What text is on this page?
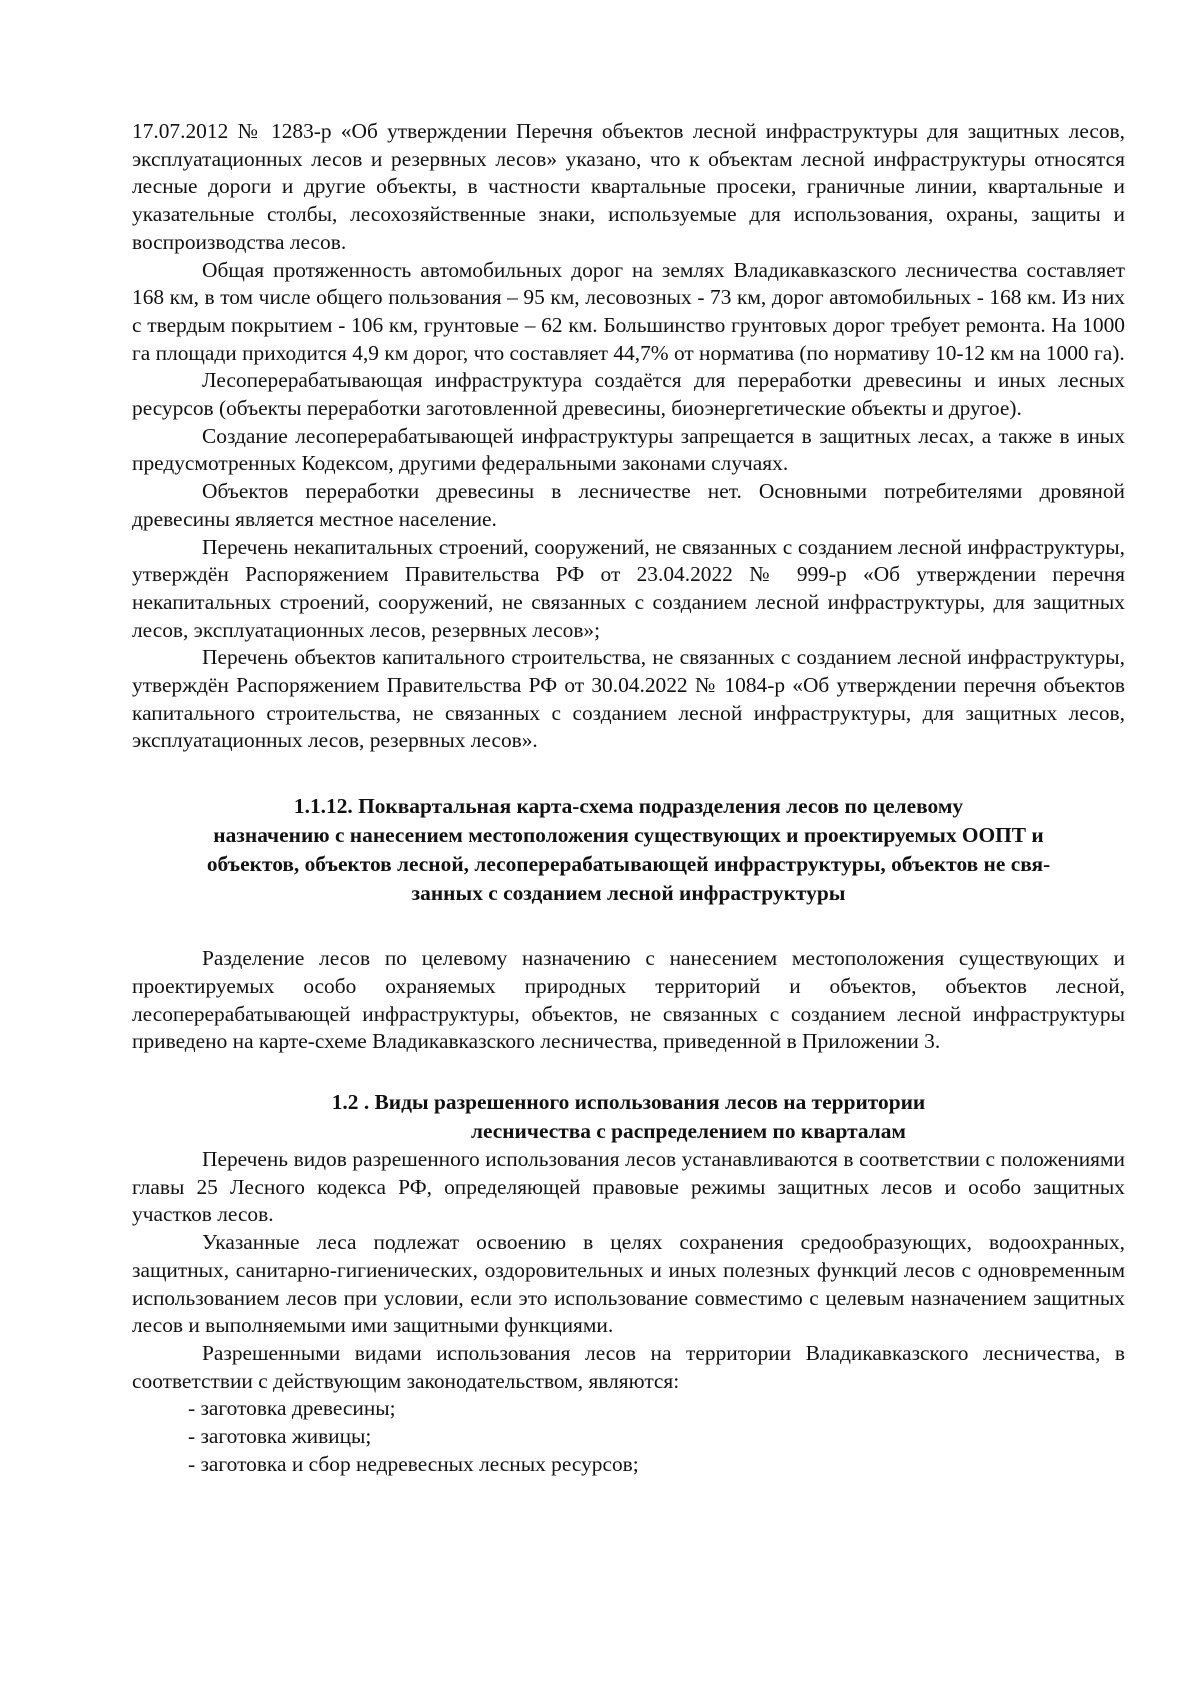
17.07.2012 № 1283-р «Об утверждении Перечня объектов лесной инфраструктуры для защитных лесов, эксплуатационных лесов и резервных лесов» указано, что к объектам лесной инфраструктуры относятся лесные дороги и другие объекты, в частности квартальные просеки, граничные линии, квартальные и указательные столбы, лесохозяйственные знаки, используемые для использования, охраны, защиты и воспроизводства лесов.

Общая протяженность автомобильных дорог на землях Владикавказского лесничества составляет 168 км, в том числе общего пользования – 95 км, лесовозных - 73 км, дорог автомобильных - 168 км. Из них с твердым покрытием - 106 км, грунтовые – 62 км. Большинство грунтовых дорог требует ремонта. На 1000 га площади приходится 4,9 км дорог, что составляет 44,7% от норматива (по нормативу 10-12 км на 1000 га).

Лесоперерабатывающая инфраструктура создаётся для переработки древесины и иных лесных ресурсов (объекты переработки заготовленной древесины, биоэнергетические объекты и другое).

Создание лесоперерабатывающей инфраструктуры запрещается в защитных лесах, а также в иных предусмотренных Кодексом, другими федеральными законами случаях.

Объектов переработки древесины в лесничестве нет. Основными потребителями дровяной древесины является местное население.

Перечень некапитальных строений, сооружений, не связанных с созданием лесной инфраструктуры, утверждён Распоряжением Правительства РФ от 23.04.2022 № 999-р «Об утверждении перечня некапитальных строений, сооружений, не связанных с созданием лесной инфраструктуры, для защитных лесов, эксплуатационных лесов, резервных лесов»;

Перечень объектов капитального строительства, не связанных с созданием лесной инфраструктуры, утверждён Распоряжением Правительства РФ от 30.04.2022 № 1084-р «Об утверждении перечня объектов капитального строительства, не связанных с созданием лесной инфраструктуры, для защитных лесов, эксплуатационных лесов, резервных лесов».

1.1.12. Поквартальная карта-схема подразделения лесов по целевому
назначению с нанесением местоположения существующих и проектируемых ООПТ и
объектов, объектов лесной, лесоперерабатывающей инфраструктуры, объектов не свя-
занных с созданием лесной инфраструктуры

Разделение лесов по целевому назначению с нанесением местоположения существующих и проектируемых особо охраняемых природных территорий и объектов, объектов лесной, лесоперерабатывающей инфраструктуры, объектов, не связанных с созданием лесной инфраструктуры приведено на карте-схеме Владикавказского лесничества, приведенной в Приложении 3.

1.2 . Виды разрешенного использования лесов на территории
лесничества с распределением по кварталам

Перечень видов разрешенного использования лесов устанавливаются в соответствии с положениями главы 25 Лесного кодекса РФ, определяющей правовые режимы защитных лесов и особо защитных участков лесов.

Указанные леса подлежат освоению в целях сохранения средообразующих, водоохранных, защитных, санитарно-гигиенических, оздоровительных и иных полезных функций лесов с одновременным использованием лесов при условии, если это использование совместимо с целевым назначением защитных лесов и выполняемыми ими защитными функциями.

Разрешенными видами использования лесов на территории Владикавказского лесничества, в соответствии с действующим законодательством, являются:

- заготовка древесины;
- заготовка живицы;
- заготовка и сбор недревесных лесных ресурсов;
